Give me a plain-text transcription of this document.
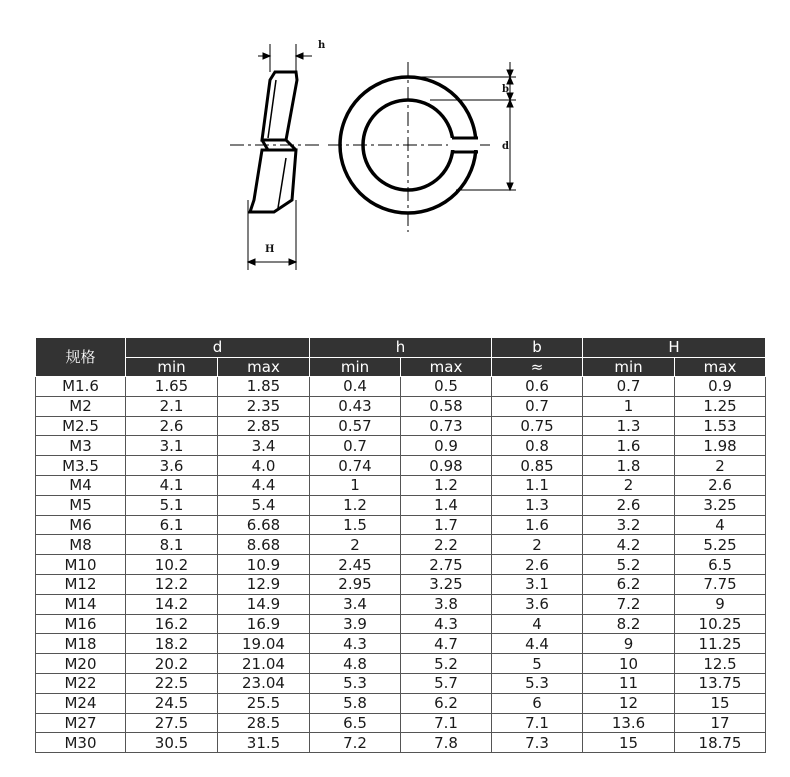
h
H
b
d
规格	d		h		b	H	
	min	max	min	max	≈	min	max
M1.6	1.65	1.85	0.4	0.5	0.6	0.7	0.9
M2	2.1	2.35	0.43	0.58	0.7	1	1.25
M2.5	2.6	2.85	0.57	0.73	0.75	1.3	1.53
M3	3.1	3.4	0.7	0.9	0.8	1.6	1.98
M3.5	3.6	4.0	0.74	0.98	0.85	1.8	2
M4	4.1	4.4	1	1.2	1.1	2	2.6
M5	5.1	5.4	1.2	1.4	1.3	2.6	3.25
M6	6.1	6.68	1.5	1.7	1.6	3.2	4
M8	8.1	8.68	2	2.2	2	4.2	5.25
M10	10.2	10.9	2.45	2.75	2.6	5.2	6.5
M12	12.2	12.9	2.95	3.25	3.1	6.2	7.75
M14	14.2	14.9	3.4	3.8	3.6	7.2	9
M16	16.2	16.9	3.9	4.3	4	8.2	10.25
M18	18.2	19.04	4.3	4.7	4.4	9	11.25
M20	20.2	21.04	4.8	5.2	5	10	12.5
M22	22.5	23.04	5.3	5.7	5.3	11	13.75
M24	24.5	25.5	5.8	6.2	6	12	15
M27	27.5	28.5	6.5	7.1	7.1	13.6	17
M30	30.5	31.5	7.2	7.8	7.3	15	18.75
